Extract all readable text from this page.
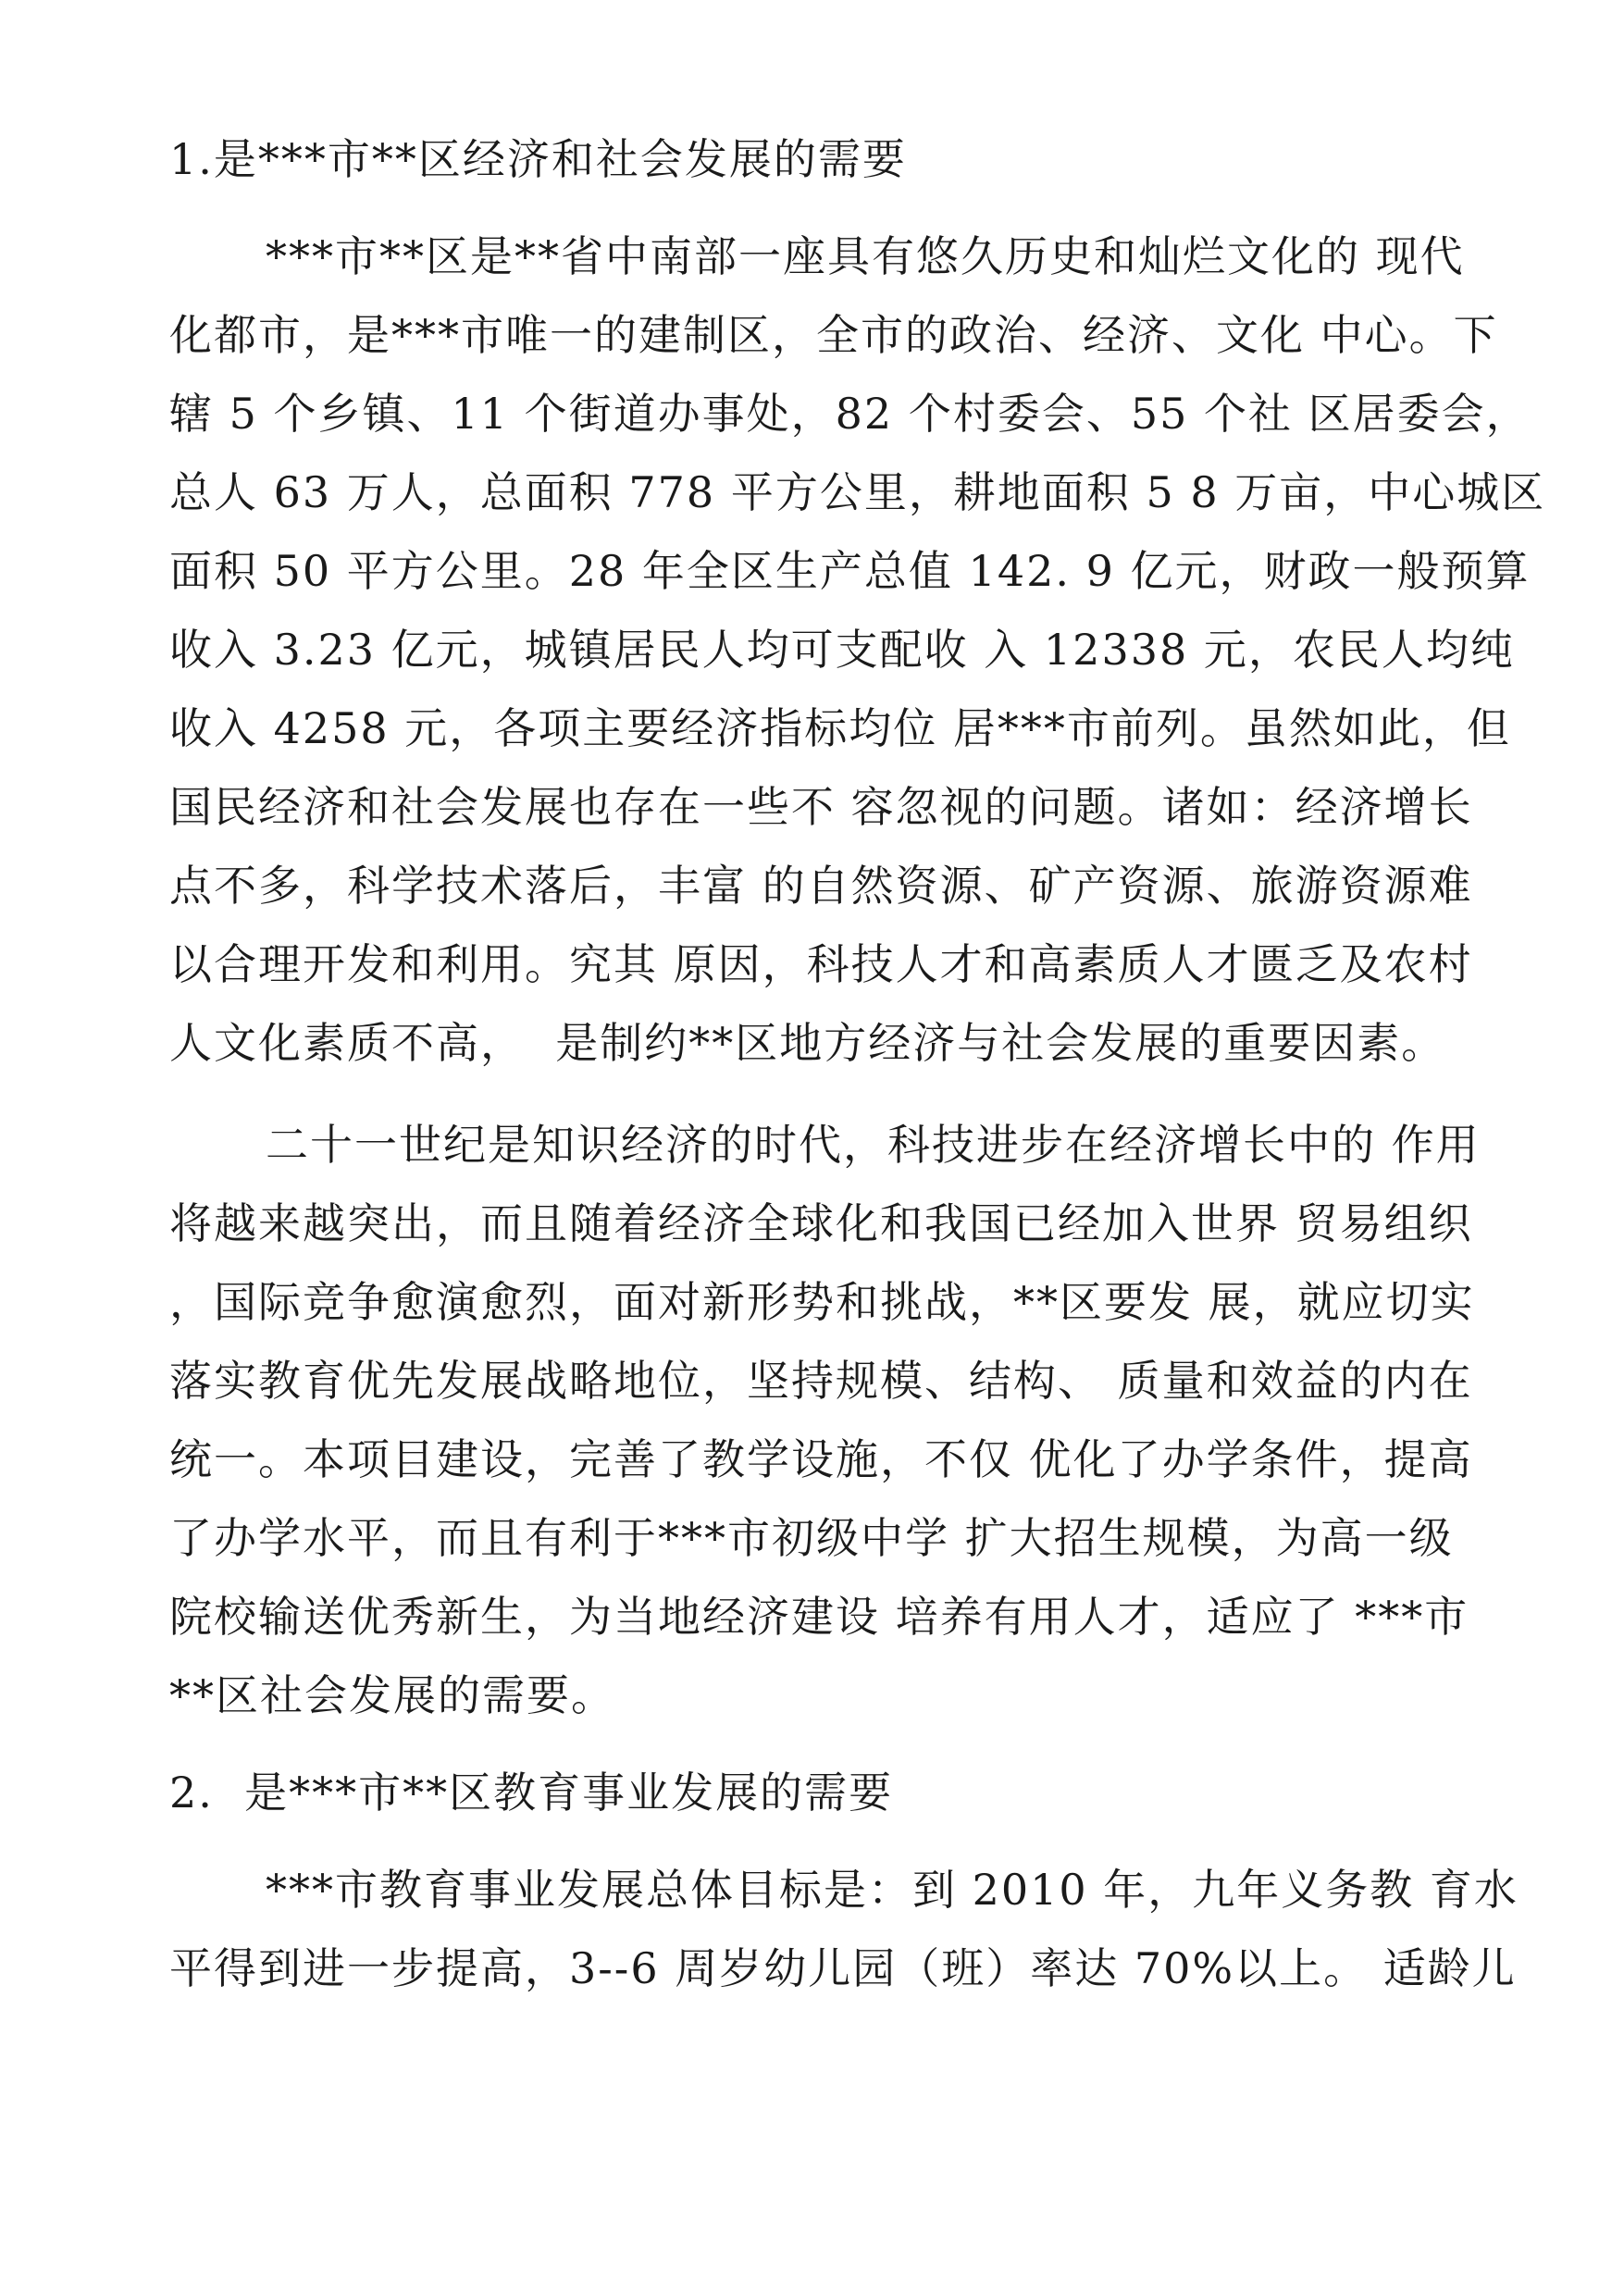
1.是***市**区经济和社会发展的需要
***市**区是**省中南部一座具有悠久历史和灿烂文化的 现代
化都市，是***市唯一的建制区，全市的政治、经济、文化 中心。下
辖 5 个乡镇、11 个街道办事处，82 个村委会、55 个社 区居委会，
总人 63 万人，总面积 778 平方公里，耕地面积 5 8 万亩，中心城区
面积 50 平方公里。28 年全区生产总值 142. 9 亿元，财政一般预算
收入 3.23 亿元，城镇居民人均可支配收 入 12338 元，农民人均纯
收入 4258 元，各项主要经济指标均位 居***市前列。虽然如此，但
国民经济和社会发展也存在一些不 容忽视的问题。诸如：经济增长
点不多，科学技术落后，丰富 的自然资源、矿产资源、旅游资源难
以合理开发和利用。究其 原因，科技人才和高素质人才匮乏及农村
人文化素质不高，  是制约**区地方经济与社会发展的重要因素。
二十一世纪是知识经济的时代，科技进步在经济增长中的 作用
将越来越突出，而且随着经济全球化和我国已经加入世界 贸易组织
，国际竞争愈演愈烈，面对新形势和挑战，**区要发 展，就应切实
落实教育优先发展战略地位，坚持规模、结构、 质量和效益的内在
统一。本项目建设，完善了教学设施，不仅 优化了办学条件，提高
了办学水平，而且有利于***市初级中学 扩大招生规模，为高一级
院校输送优秀新生，为当地经济建设 培养有用人才，适应了 ***市
**区社会发展的需要。
2.  是***市**区教育事业发展的需要
***市教育事业发展总体目标是：到 2010 年，九年义务教 育水
平得到进一步提高，3--6 周岁幼儿园（班）率达 70%以上。 适龄儿
